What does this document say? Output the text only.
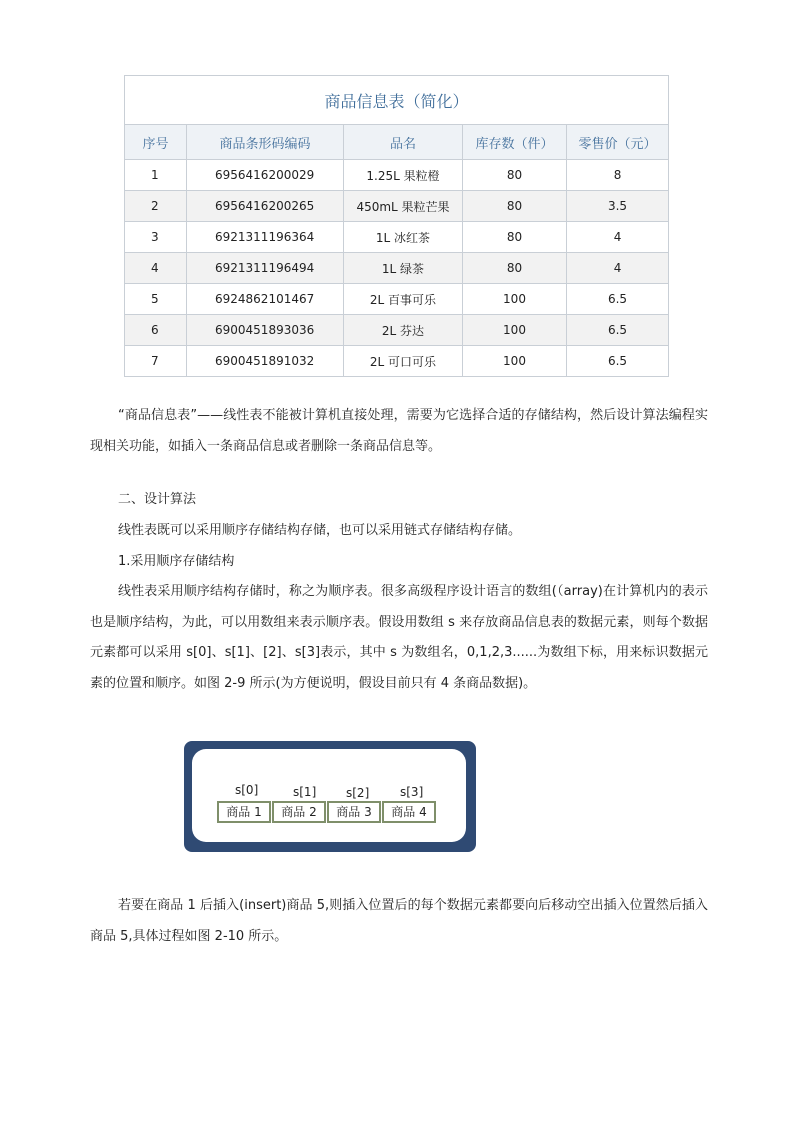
商品信息表（简化）				
序号	商品条形码编码	品名	库存数（件）	零售价（元）
1	6956416200029	1.25L 果粒橙	80	8
2	6956416200265	450mL 果粒芒果	80	3.5
3	6921311196364	1L 冰红茶	80	4
4	6921311196494	1L 绿茶	80	4
5	6924862101467	2L 百事可乐	100	6.5
6	6900451893036	2L 芬达	100	6.5
7	6900451891032	2L 可口可乐	100	6.5

“商品信息表”——线性表不能被计算机直接处理，需要为它选择合适的存储结构，然后设计算法编程实现相关功能，如插入一条商品信息或者删除一条商品信息等。

二、设计算法

线性表既可以采用顺序存储结构存储，也可以采用链式存储结构存储。

1.采用顺序存储结构

线性表采用顺序结构存储时，称之为顺序表。很多高级程序设计语言的数组(（array)在计算机内的表示也是顺序结构，为此，可以用数组来表示顺序表。假设用数组 s 来存放商品信息表的数据元素，则每个数据元素都可以采用 s[0]、s[1]、[2]、s[3]表示，其中 s 为数组名，0,1,2,3......为数组下标，用来标识数据元素的位置和顺序。如图 2-9 所示(为方便说明，假设目前只有 4 条商品数据)。

s[0]	s[1] s[2]	s[3]
商品 1	商品 2	商品 3	商品 4

若要在商品 1 后插入(insert)商品 5,则插入位置后的每个数据元素都要向后移动空出插入位置然后插入商品 5,具体过程如图 2-10 所示。
